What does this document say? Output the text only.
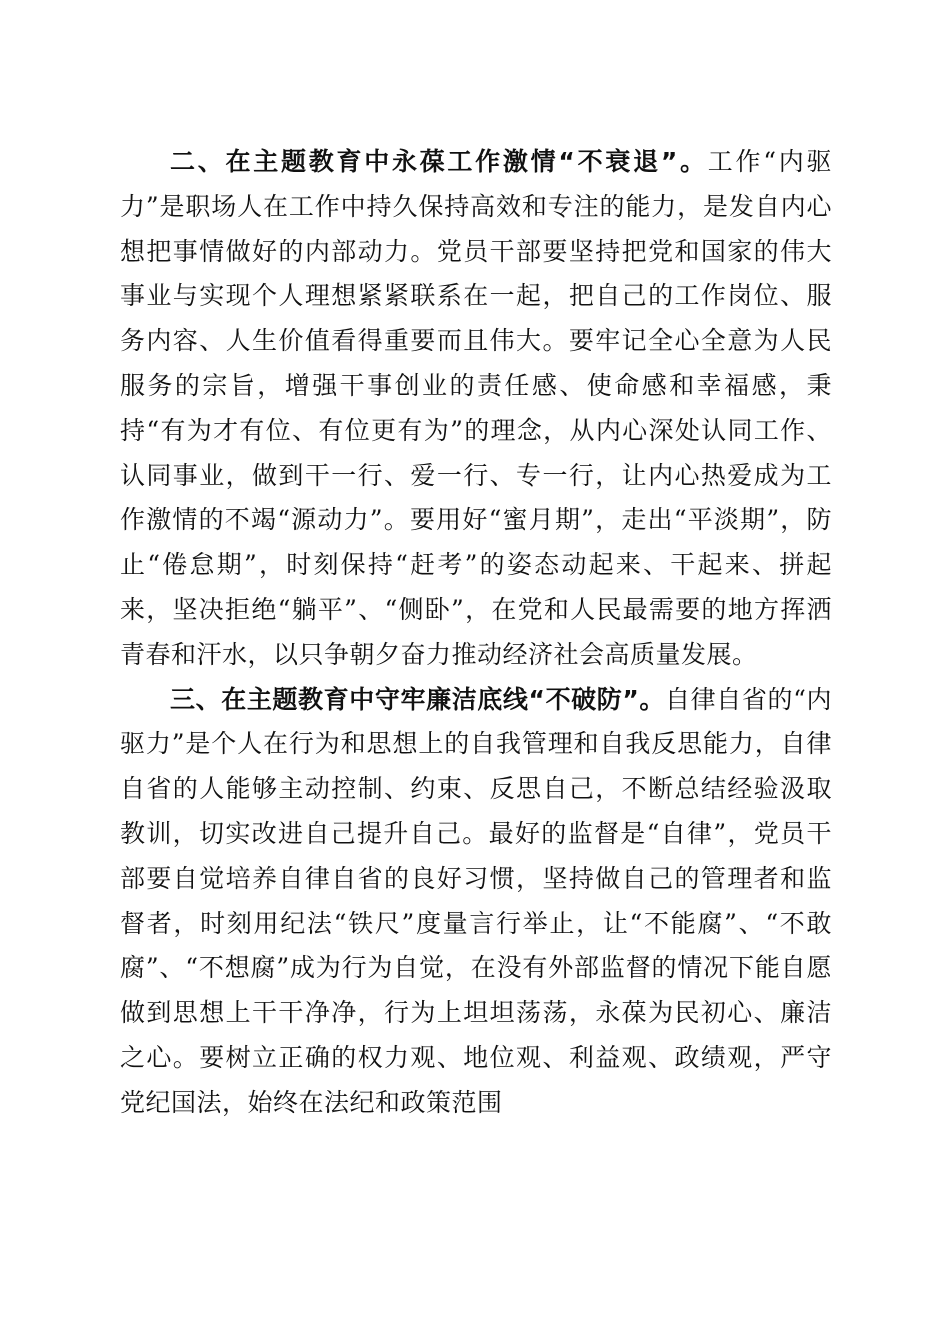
二、在主题教育中永葆工作激情“不衰退”。工作“内驱力”是职场人在工作中持久保持高效和专注的能力，是发自内心想把事情做好的内部动力。党员干部要坚持把党和国家的伟大事业与实现个人理想紧紧联系在一起，把自己的工作岗位、服务内容、人生价值看得重要而且伟大。要牢记全心全意为人民服务的宗旨，增强干事创业的责任感、使命感和幸福感，秉持“有为才有位、有位更有为”的理念，从内心深处认同工作、认同事业，做到干一行、爱一行、专一行，让内心热爱成为工作激情的不竭“源动力”。要用好“蜜月期”，走出“平淡期”，防止“倦怠期”，时刻保持“赶考”的姿态动起来、干起来、拼起来，坚决拒绝“躺平”、“侧卧”，在党和人民最需要的地方挥洒青春和汗水，以只争朝夕奋力推动经济社会高质量发展。

三、在主题教育中守牢廉洁底线“不破防”。自律自省的“内驱力”是个人在行为和思想上的自我管理和自我反思能力，自律自省的人能够主动控制、约束、反思自己，不断总结经验汲取教训，切实改进自己提升自己。最好的监督是“自律”，党员干部要自觉培养自律自省的良好习惯，坚持做自己的管理者和监督者，时刻用纪法“铁尺”度量言行举止，让“不能腐”、“不敢腐”、“不想腐”成为行为自觉，在没有外部监督的情况下能自愿做到思想上干干净净，行为上坦坦荡荡，永葆为民初心、廉洁之心。要树立正确的权力观、地位观、利益观、政绩观，严守党纪国法，始终在法纪和政策范围
